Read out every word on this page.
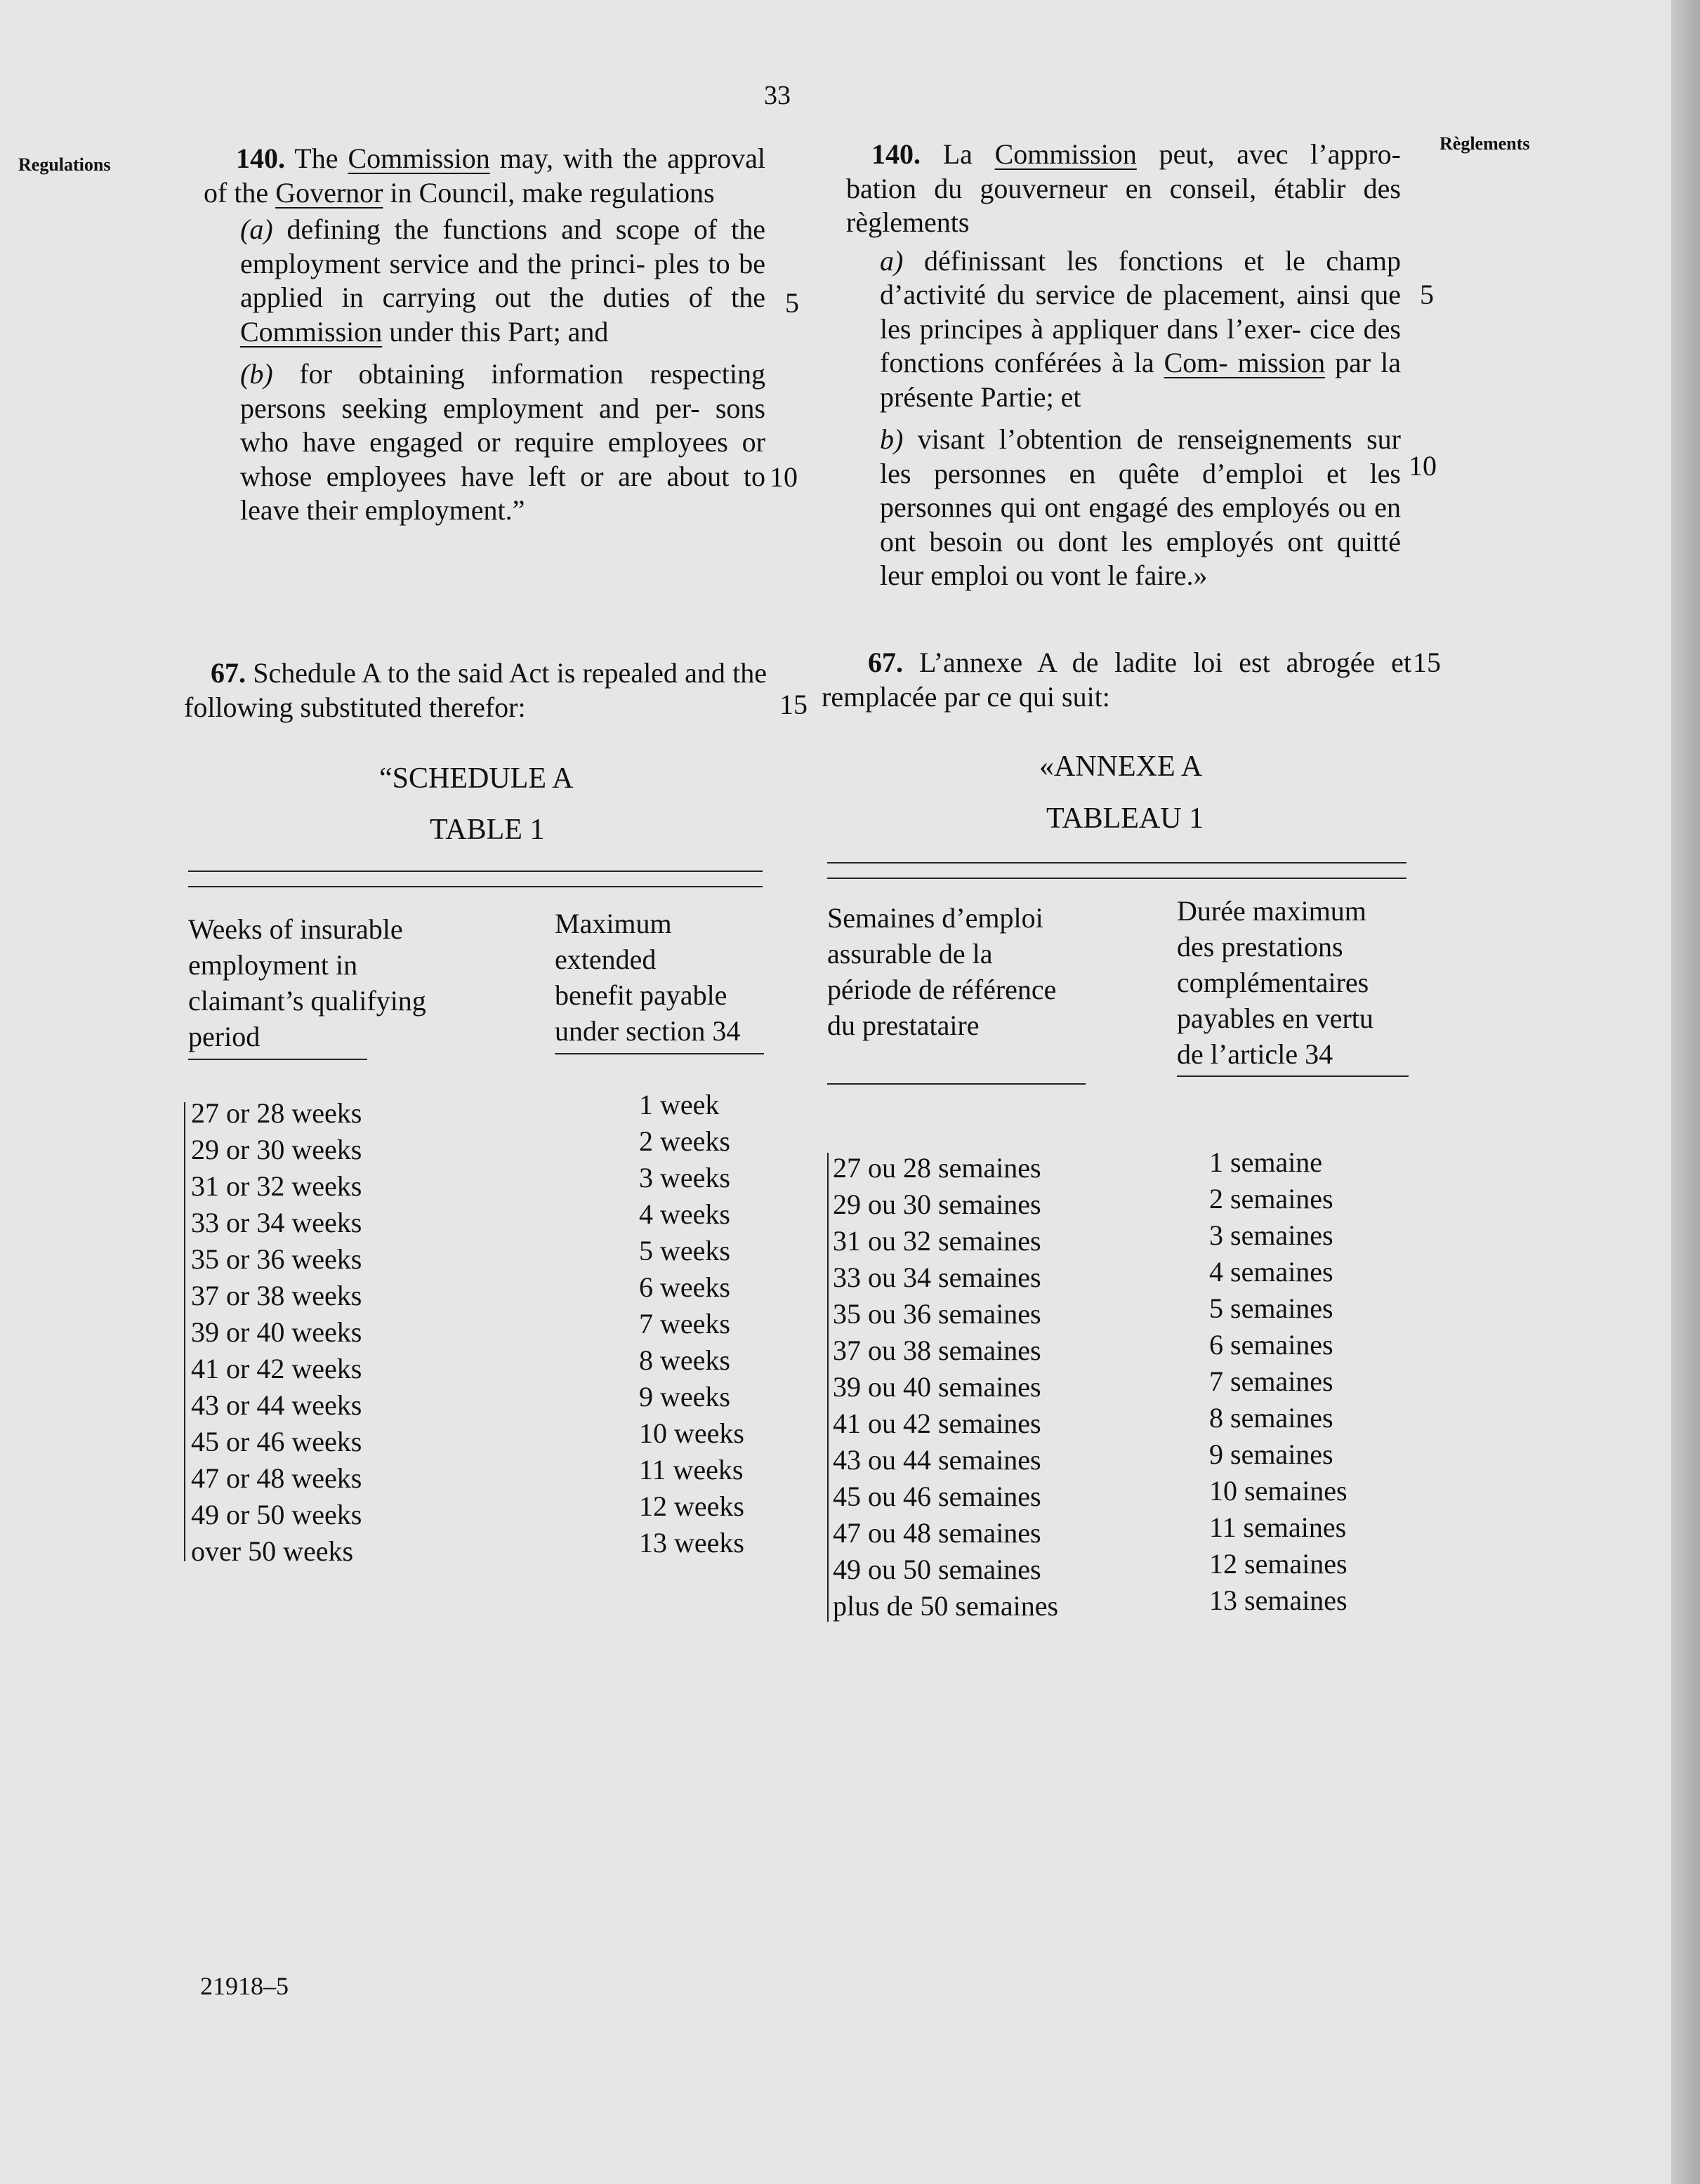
33
Regulations
Règlements

140. The Commission may, with the approval of the Governor in Council, make regulations

(a) defining the functions and scope of the employment service and the princi- ples to be applied in carrying out the duties of the Commission under this Part; and

(b) for obtaining information respecting persons seeking employment and per- sons who have engaged or require employees or whose employees have left or are about to leave their employment.”

67. Schedule A to the said Act is repealed and the following substituted therefor:

140. La Commission peut, avec l’appro- bation du gouverneur en conseil, établir des règlements

a) définissant les fonctions et le champ d’activité du service de placement, ainsi que les principes à appliquer dans l’exer- cice des fonctions conférées à la Com- mission par la présente Partie; et

b) visant l’obtention de renseignements sur les personnes en quête d’emploi et les personnes qui ont engagé des employés ou en ont besoin ou dont les employés ont quitté leur emploi ou vont le faire.»

67. L’annexe A de ladite loi est abrogée et remplacée par ce qui suit:

5
10
15
5
10
15
“SCHEDULE A
TABLE 1
Weeks of insurable
employment in
claimant’s qualifying
period
Maximum
extended
benefit payable
under section 34
27 or 28 weeks
29 or 30 weeks
31 or 32 weeks
33 or 34 weeks
35 or 36 weeks
37 or 38 weeks
39 or 40 weeks
41 or 42 weeks
43 or 44 weeks
45 or 46 weeks
47 or 48 weeks
49 or 50 weeks
over 50 weeks
1 week
2 weeks
3 weeks
4 weeks
5 weeks
6 weeks
7 weeks
8 weeks
9 weeks
10 weeks
11 weeks
12 weeks
13 weeks
«ANNEXE A
TABLEAU 1
Semaines d’emploi
assurable de la
période de référence
du prestataire
Durée maximum
des prestations
complémentaires
payables en vertu
de l’article 34
27 ou 28 semaines
29 ou 30 semaines
31 ou 32 semaines
33 ou 34 semaines
35 ou 36 semaines
37 ou 38 semaines
39 ou 40 semaines
41 ou 42 semaines
43 ou 44 semaines
45 ou 46 semaines
47 ou 48 semaines
49 ou 50 semaines
plus de 50 semaines
1 semaine
2 semaines
3 semaines
4 semaines
5 semaines
6 semaines
7 semaines
8 semaines
9 semaines
10 semaines
11 semaines
12 semaines
13 semaines
21918–5
